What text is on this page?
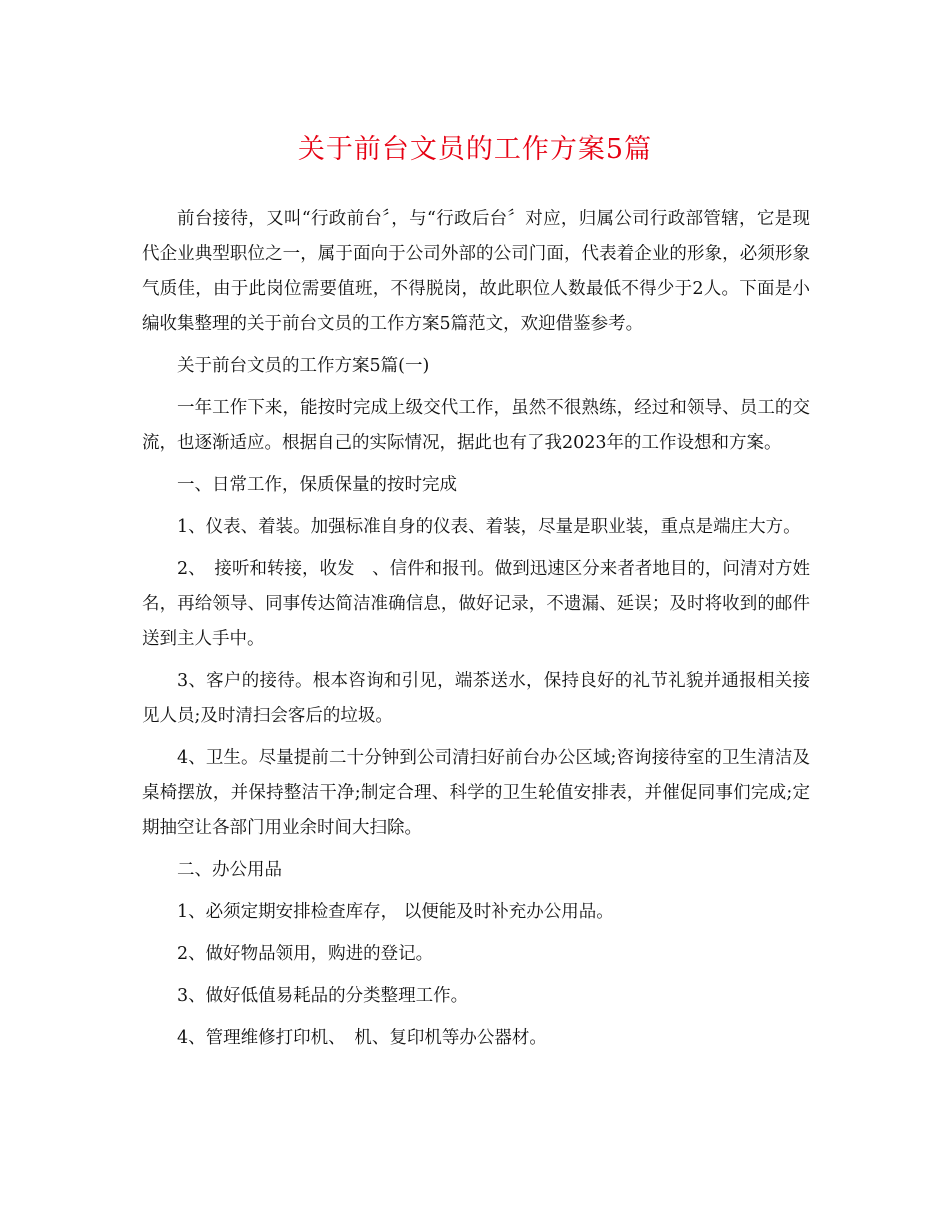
关于前台文员的工作方案5篇

前台接待，又叫“行政前台〞，与“行政后台〞对应，归属公司行政部管辖，它是现代企业典型职位之一，属于面向于公司外部的公司门面，代表着企业的形象，必须形象气质佳，由于此岗位需要值班，不得脱岗，故此职位人数最低不得少于2人。下面是小编收集整理的关于前台文员的工作方案5篇范文，欢迎借鉴参考。

关于前台文员的工作方案5篇(一)

一年工作下来，能按时完成上级交代工作，虽然不很熟练，经过和领导、员工的交流，也逐渐适应。根据自己的实际情况，据此也有了我2023年的工作设想和方案。

一、日常工作，保质保量的按时完成

1、仪表、着装。加强标准自身的仪表、着装，尽量是职业装，重点是端庄大方。

2、　接听和转接，收发　、信件和报刊。做到迅速区分来者者地目的，问清对方姓名，再给领导、同事传达简洁准确信息，做好记录，不遗漏、延误；及时将收到的邮件送到主人手中。

3、客户的接待。根本咨询和引见，端茶送水，保持良好的礼节礼貌并通报相关接见人员;及时清扫会客后的垃圾。

4、卫生。尽量提前二十分钟到公司清扫好前台办公区域;咨询接待室的卫生清洁及桌椅摆放，并保持整洁干净;制定合理、科学的卫生轮值安排表，并催促同事们完成;定期抽空让各部门用业余时间大扫除。

二、办公用品

1、必须定期安排检查库存， 以便能及时补充办公用品。

2、做好物品领用，购进的登记。

3、做好低值易耗品的分类整理工作。

4、管理维修打印机、　机、复印机等办公器材。
